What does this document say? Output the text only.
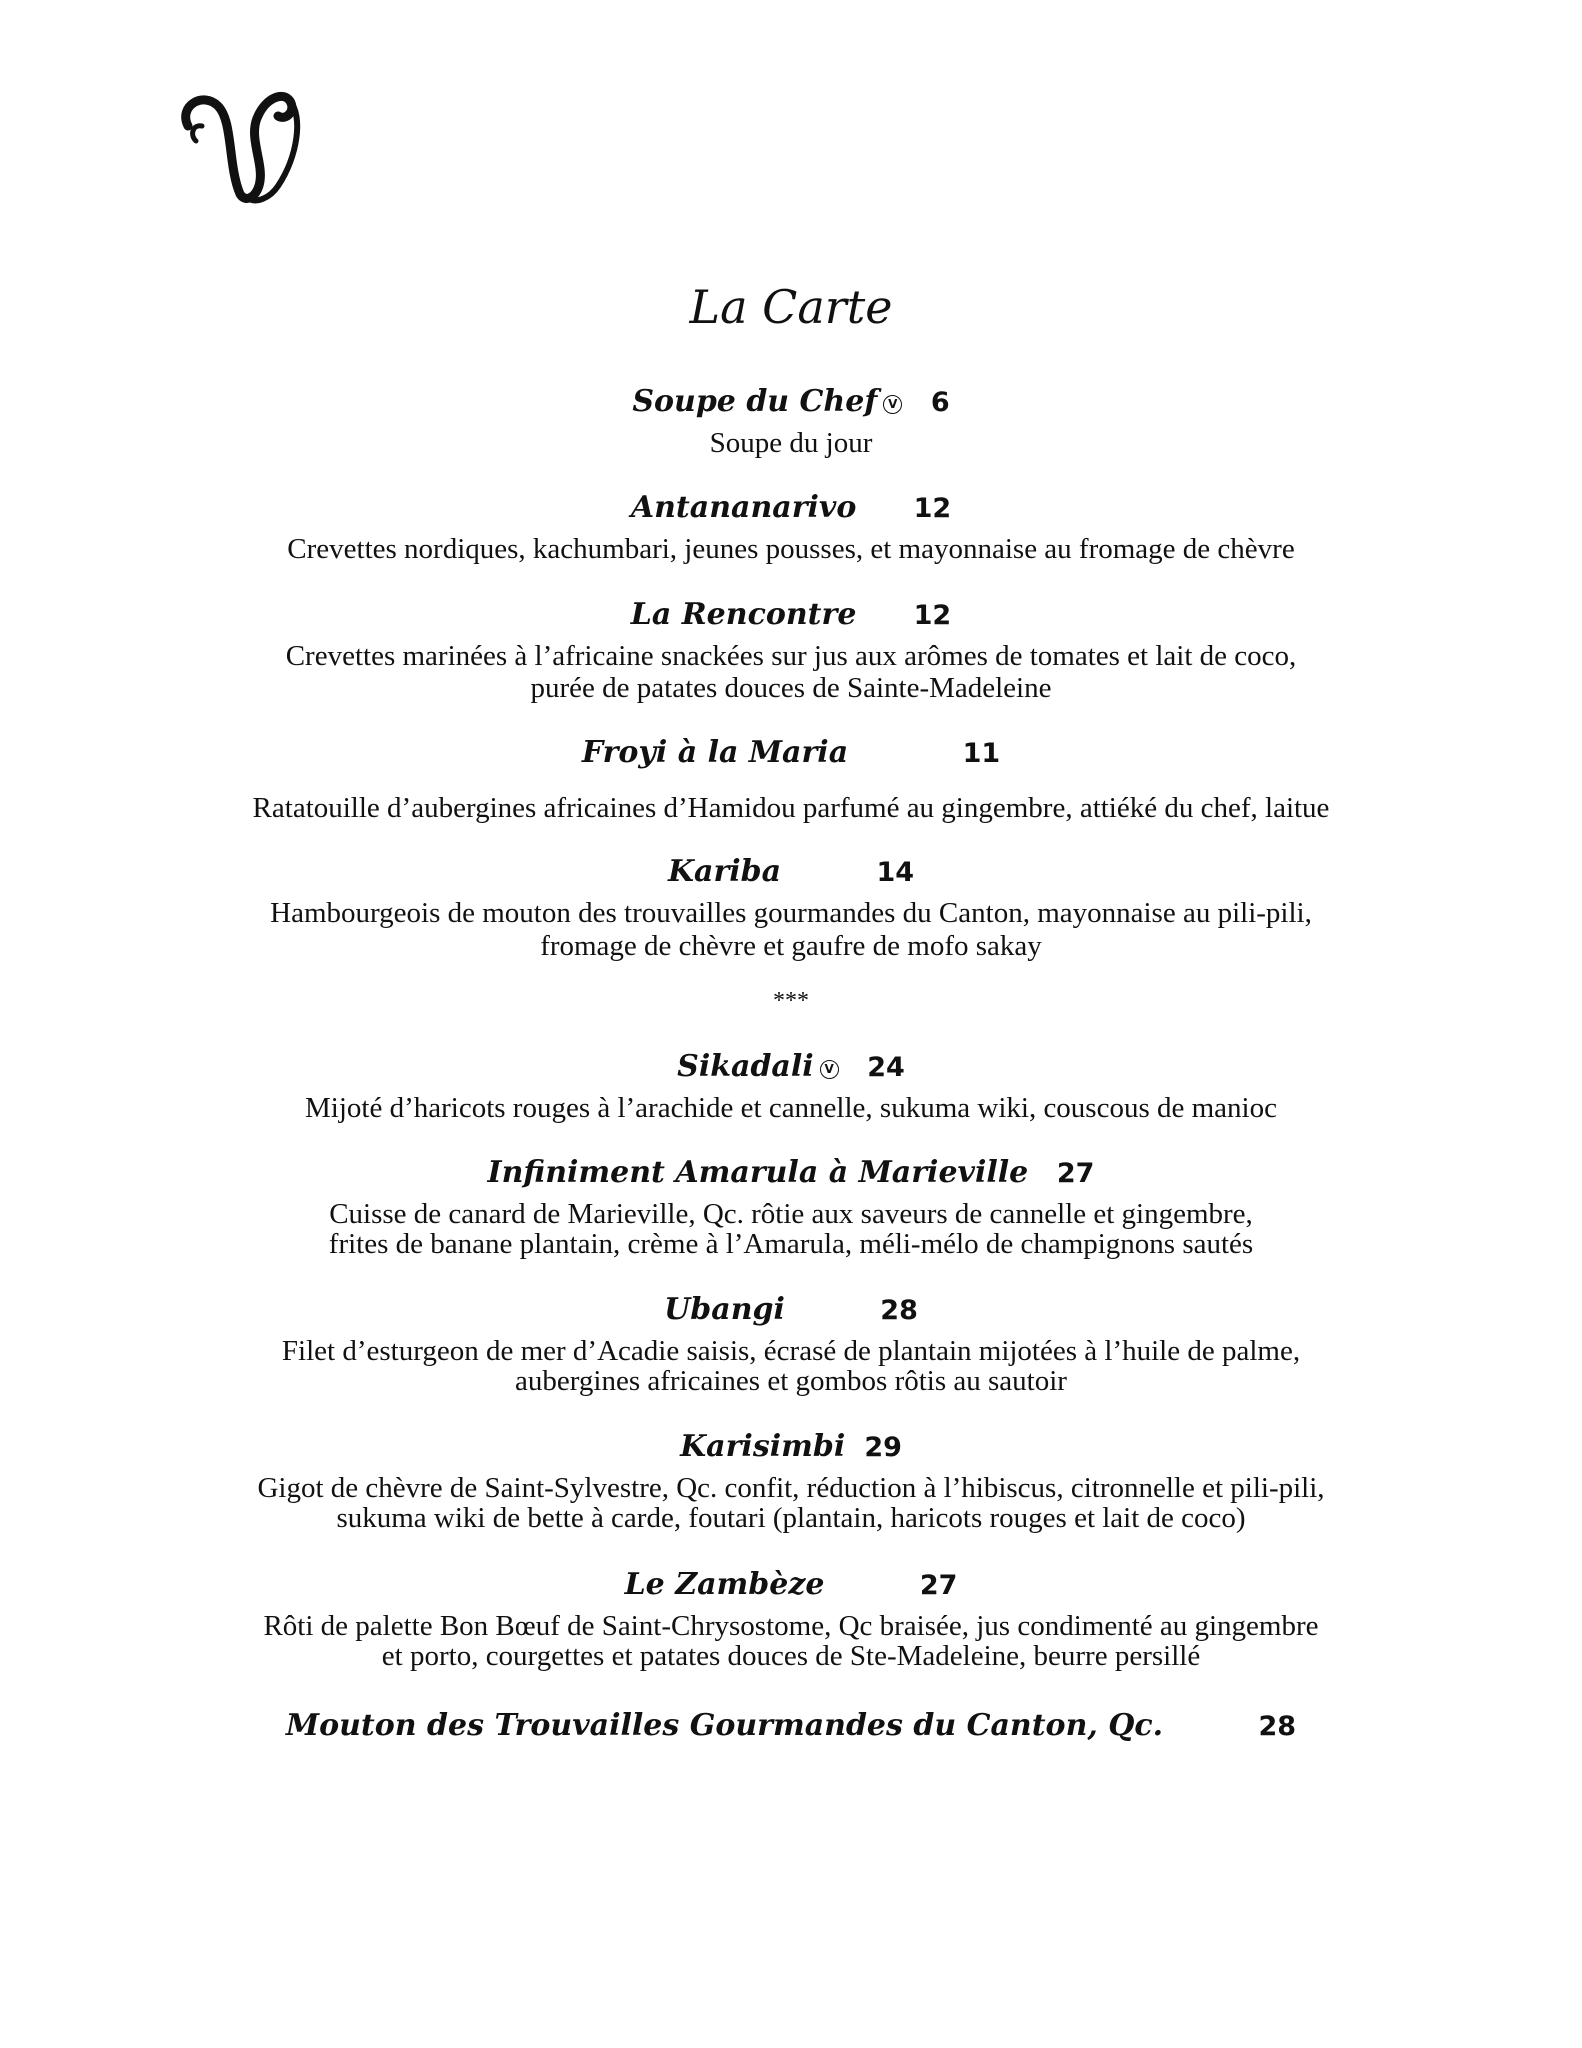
La Carte
Soupe du Chef V 6
Soupe du jour
Antananarivo 12
Crevettes nordiques, kachumbari, jeunes pousses, et mayonnaise au fromage de chèvre
La Rencontre 12
Crevettes marinées à l’africaine snackées sur jus aux arômes de tomates et lait de coco,
purée de patates douces de Sainte-Madeleine
Froyi à la Maria	11
Ratatouille d’aubergines africaines d’Hamidou parfumé au gingembre, attiéké du chef, laitue
Kariba	14
Hambourgeois de mouton des trouvailles gourmandes du Canton, mayonnaise au pili-pili,
fromage de chèvre et gaufre de mofo sakay
***
Sikadali V 24
Mijoté d’haricots rouges à l’arachide et cannelle, sukuma wiki, couscous de manioc
Infiniment Amarula à Marieville 27
Cuisse de canard de Marieville, Qc. rôtie aux saveurs de cannelle et gingembre,
frites de banane plantain, crème à l’Amarula, méli-mélo de champignons sautés
Ubangi	28
Filet d’esturgeon de mer d’Acadie saisis, écrasé de plantain mijotées à l’huile de palme,
aubergines africaines et gombos rôtis au sautoir
Karisimbi 29
Gigot de chèvre de Saint-Sylvestre, Qc. confit, réduction à l’hibiscus, citronnelle et pili-pili,
sukuma wiki de bette à carde, foutari (plantain, haricots rouges et lait de coco)
Le Zambèze	27
Rôti de palette Bon Bœuf de Saint-Chrysostome, Qc braisée, jus condimenté au gingembre
et porto, courgettes et patates douces de Ste-Madeleine, beurre persillé
Mouton des Trouvailles Gourmandes du Canton, Qc.	28
